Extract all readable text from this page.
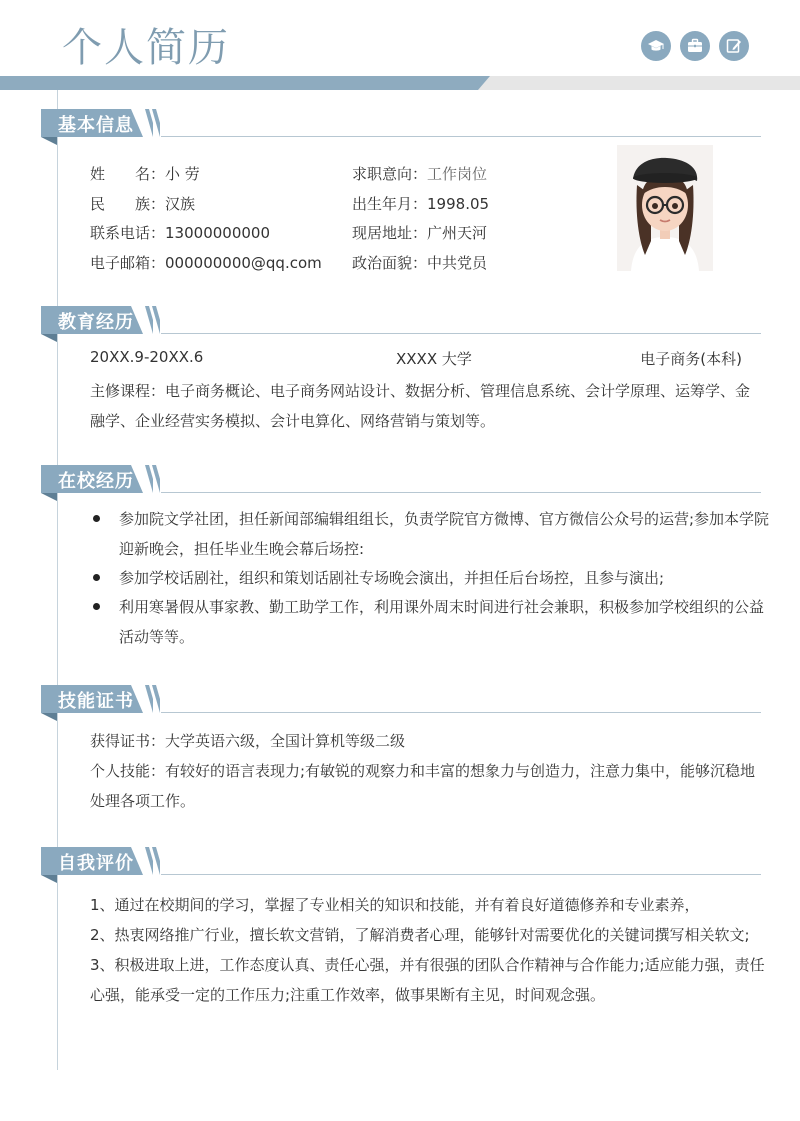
个人简历
基本信息
姓　　名：小 劳
民　　族：汉族
联系电话：13000000000
电子邮箱：000000000@qq.com
求职意向：工作岗位
出生年月：1998.05
现居地址：广州天河
政治面貌：中共党员
教育经历
20XX.9-20XX.6	XXXX 大学	电子商务(本科)
主修课程：电子商务概论、电子商务网站设计、数据分析、管理信息系统、会计学原理、运筹学、金
融学、企业经营实务模拟、会计电算化、网络营销与策划等。
在校经历
参加院文学社团，担任新闻部编辑组组长，负责学院官方微博、官方微信公众号的运营;参加本学院
迎新晚会，担任毕业生晚会幕后场控:
参加学校话剧社，组织和策划话剧社专场晚会演出，并担任后台场控，且参与演出;
利用寒暑假从事家教、勤工助学工作，利用课外周末时间进行社会兼职，积极参加学校组织的公益
活动等等。
技能证书
获得证书：大学英语六级，全国计算机等级二级
个人技能：有较好的语言表现力;有敏锐的观察力和丰富的想象力与创造力，注意力集中，能够沉稳地
处理各项工作。
自我评价
1、通过在校期间的学习，掌握了专业相关的知识和技能，并有着良好道德修养和专业素养，
2、热衷网络推广行业，擅长软文营销，了解消费者心理，能够针对需要优化的关键词撰写相关软文;
3、积极进取上进，工作态度认真、责任心强，并有很强的团队合作精神与合作能力;适应能力强，责任
心强，能承受一定的工作压力;注重工作效率，做事果断有主见，时间观念强。
